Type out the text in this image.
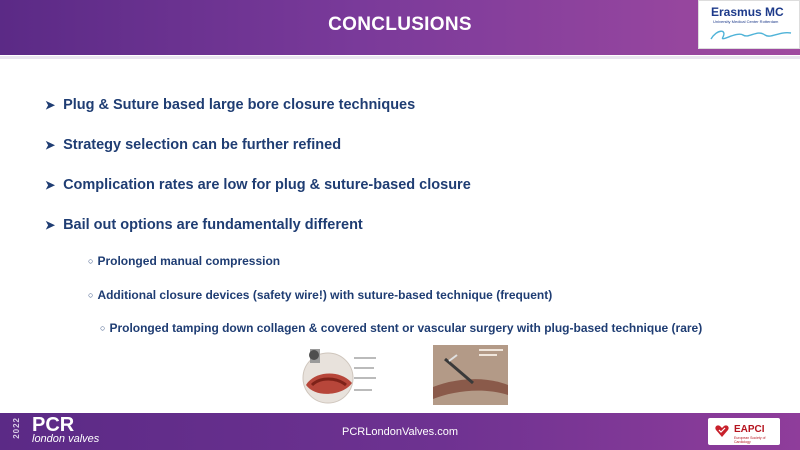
CONCLUSIONS
Erasmus MC
University Medical Center Rotterdam
➤ Plug & Suture based large bore closure techniques
➤ Strategy selection can be further refined
➤ Complication rates are low for plug & suture-based closure
➤ Bail out options are fundamentally different
○ Prolonged manual compression
○ Additional closure devices (safety wire!) with suture-based technique (frequent)
○ Prolonged tamping down collagen & covered stent or vascular surgery with plug-based technique (rare)
2022 PCR
london valves
PCRLondonValves.com	EAPCI
European Society of Cardiology
